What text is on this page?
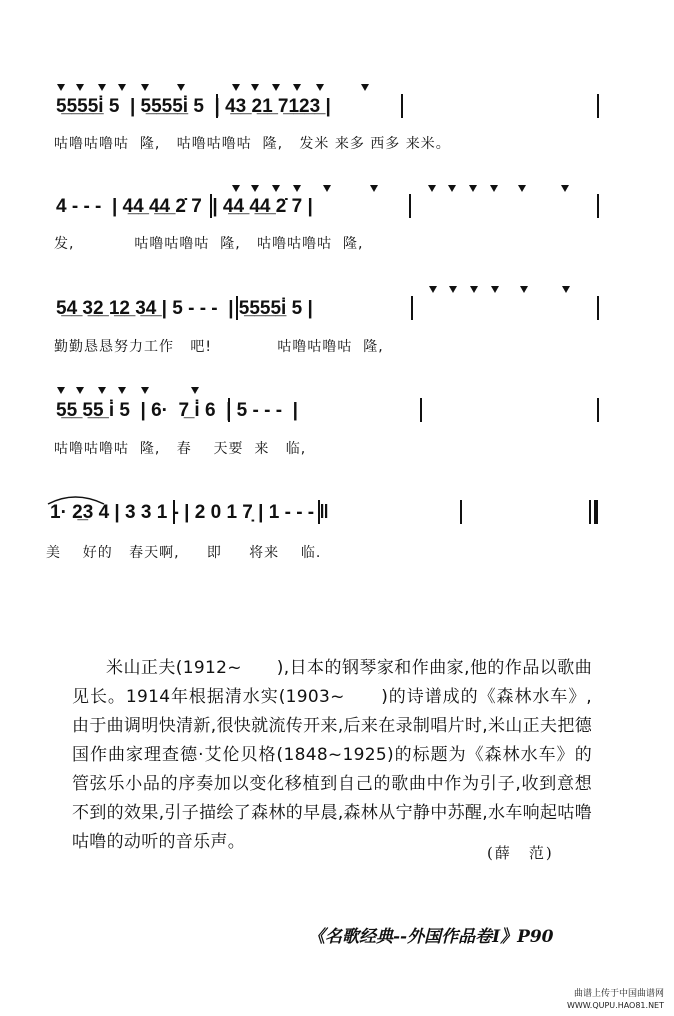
5̲5̲5̲5̲i̇ 5  | 5̲5̲5̲5̲i̇ 5  | 4̲3̲ 2̲1̲ 7̲1̲2̲3̲ |
咕噜咕噜咕  隆,   咕噜咕噜咕  隆,   发米 来多 西多 来米。
4 - - -  | 4̲4̲ 4̲4̲ 2̇ 7  | 4̲4̲ 4̲4̲ 2̇ 7 |
发,           咕噜咕噜咕  隆,   咕噜咕噜咕  隆,
5̲4̲ 3̲2̲ 1̲2̲ 3̲4̲ | 5 - - -  | 5̲5̲5̲5̲i̇ 5 |
勤勤恳恳努力工作   吧!            咕噜咕噜咕  隆,
5̲5̲ 5̲5̲ i̇ 5  | 6·  7̲ i̇ 6  | 5 - - -  |
咕噜咕噜咕  隆,   春    天要  来   临,
1· 2̲3 4 | 3 3 1 - | 2 0 1 7̣ | 1 - - - ‖
美    好的   春天啊,     即     将来    临.

米山正夫(1912~　　),日本的钢琴家和作曲家,他的作品以歌曲见长。1914年根据清水实(1903~　　)的诗谱成的《森林水车》,由于曲调明快清新,很快就流传开来,后来在录制唱片时,米山正夫把德国作曲家理查德·艾伦贝格(1848~1925)的标题为《森林水车》的管弦乐小品的序奏加以变化移植到自己的歌曲中作为引子,收到意想不到的效果,引子描绘了森林的早晨,森林从宁静中苏醒,水车响起咕噜咕噜的动听的音乐声。

(薛　范)
《名歌经典--外国作品卷Ⅰ》P90
曲谱上传于中国曲谱网
WWW.QUPU.HAO81.NET
